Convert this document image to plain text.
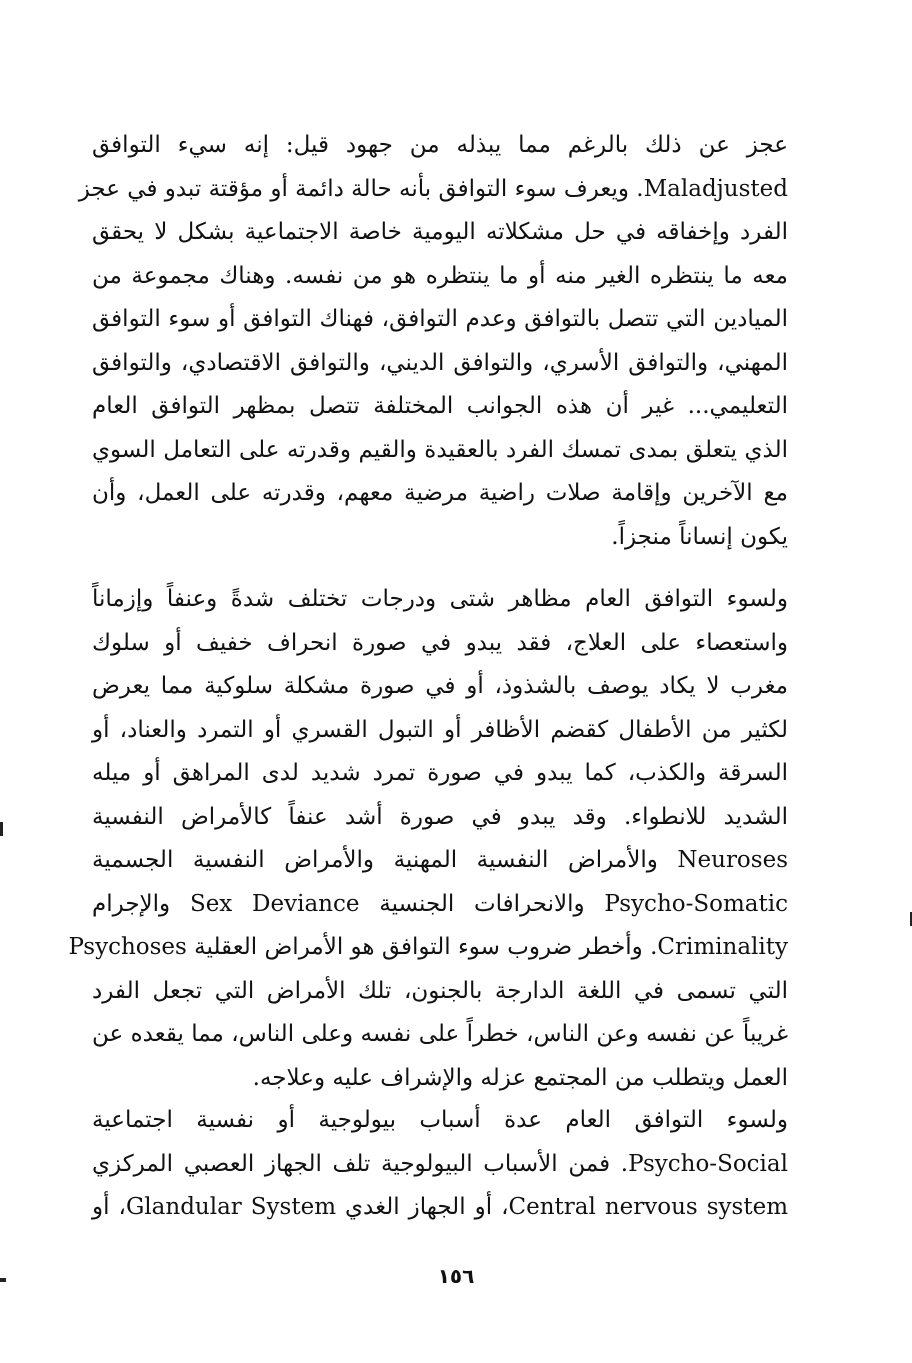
عجز عن ذلك بالرغم مما يبذله من جهود قيل: إنه سيء التوافق
Maladjusted. ويعرف سوء التوافق بأنه حالة دائمة أو مؤقتة تبدو في عجز
الفرد وإخفاقه في حل مشكلاته اليومية خاصة الاجتماعية بشكل لا يحقق
معه ما ينتظره الغير منه أو ما ينتظره هو من نفسه. وهناك مجموعة من
الميادين التي تتصل بالتوافق وعدم التوافق، فهناك التوافق أو سوء التوافق
المهني، والتوافق الأسري، والتوافق الديني، والتوافق الاقتصادي، والتوافق
التعليمي... غير أن هذه الجوانب المختلفة تتصل بمظهر التوافق العام
الذي يتعلق بمدى تمسك الفرد بالعقيدة والقيم وقدرته على التعامل السوي
مع الآخرين وإقامة صلات راضية مرضية معهم، وقدرته على العمل، وأن
يكون إنساناً منجزاً.
ولسوء التوافق العام مظاهر شتى ودرجات تختلف شدةً وعنفاً وإزماناً
واستعصاء على العلاج، فقد يبدو في صورة انحراف خفيف أو سلوك
مغرب لا يكاد يوصف بالشذوذ، أو في صورة مشكلة سلوكية مما يعرض
لكثير من الأطفال كقضم الأظافر أو التبول القسري أو التمرد والعناد، أو
السرقة والكذب، كما يبدو في صورة تمرد شديد لدى المراهق أو ميله
الشديد للانطواء. وقد يبدو في صورة أشد عنفاً كالأمراض النفسية
Neuroses والأمراض النفسية المهنية والأمراض النفسية الجسمية
Psycho-Somatic والانحرافات الجنسية Sex Deviance والإجرام
Criminality. وأخطر ضروب سوء التوافق هو الأمراض العقلية Psychoses
التي تسمى في اللغة الدارجة بالجنون، تلك الأمراض التي تجعل الفرد
غريباً عن نفسه وعن الناس، خطراً على نفسه وعلى الناس، مما يقعده عن
العمل ويتطلب من المجتمع عزله والإشراف عليه وعلاجه.
ولسوء التوافق العام عدة أسباب بيولوجية أو نفسية اجتماعية
Psycho-Social. فمن الأسباب البيولوجية تلف الجهاز العصبي المركزي
Central nervous system، أو الجهاز الغدي Glandular System، أو
١٥٦
